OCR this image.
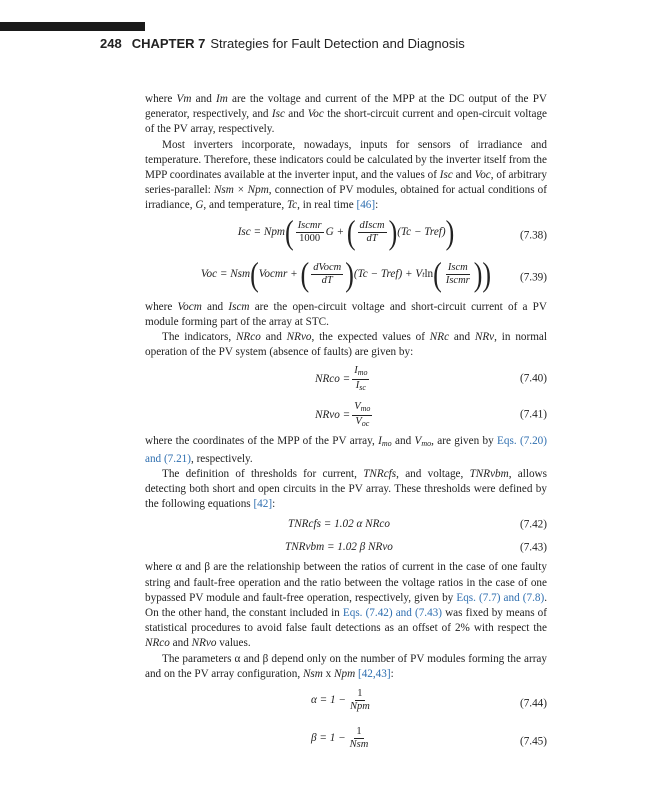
248 CHAPTER 7 Strategies for Fault Detection and Diagnosis

where Vm and Im are the voltage and current of the MPP at the DC output of the PV generator, respectively, and Isc and Voc the short-circuit current and open-circuit voltage of the PV array, respectively.

Most inverters incorporate, nowadays, inputs for sensors of irradiance and temperature. Therefore, these indicators could be calculated by the inverter itself from the MPP coordinates available at the inverter input, and the values of Isc and Voc, of arbitrary series-parallel: Nsm × Npm, connection of PV modules, obtained for actual conditions of irradiance, G, and temperature, Tc, in real time [46]:

Isc = Npm ( $\frac{\text{Iscmr}}{1000}$ G +
( $\frac{\text{dIscm}}{dT}$ ) (Tc − Tref) )	(7.38)
Voc = Nsm ( Vocmr +
( $\frac{\text{dVocm}}{dT}$ ) (Tc − Tref) + V t ln ( $\frac{\text{Iscm}}{\text{Iscmr}}$ ) )	(7.39)

where Vocm and Iscm are the open-circuit voltage and short-circuit current of a PV module forming part of the array at STC.

The indicators, NRco and NRvo, the expected values of NRc and NRv, in normal operation of the PV system (absence of faults) are given by:

NRco = $\frac{I_{mo}}{I_{sc}}$	(7.40)
NRvo = $\frac{V_{mo}}{V_{oc}}$	(7.41)

where the coordinates of the MPP of the PV array, $I_{mo}$ and $V_{mo}$, are given by Eqs. (7.20) and (7.21), respectively.

The definition of thresholds for current, TNRcfs, and voltage, TNRvbm, allows detecting both short and open circuits in the PV array. These thresholds were defined by the following equations [42]:

TNRcfs = 1.02 α NRco	(7.42)
TNRvbm = 1.02 β NRvo	(7.43)

where α and β are the relationship between the ratios of current in the case of one faulty string and fault-free operation and the ratio between the voltage ratios in the case of one bypassed PV module and fault-free operation, respectively, given by Eqs. (7.7) and (7.8). On the other hand, the constant included in Eqs. (7.42) and (7.43) was fixed by means of statistical procedures to avoid false fault detections as an offset of 2% with respect the NRco and NRvo values.

The parameters α and β depend only on the number of PV modules forming the array and on the PV array configuration, Nsm x Npm [42,43]:

$\alpha = 1 - \frac{1}{\text{Npm}}$	(7.44)
$\beta = 1 - \frac{1}{\text{Nsm}}$	(7.45)
